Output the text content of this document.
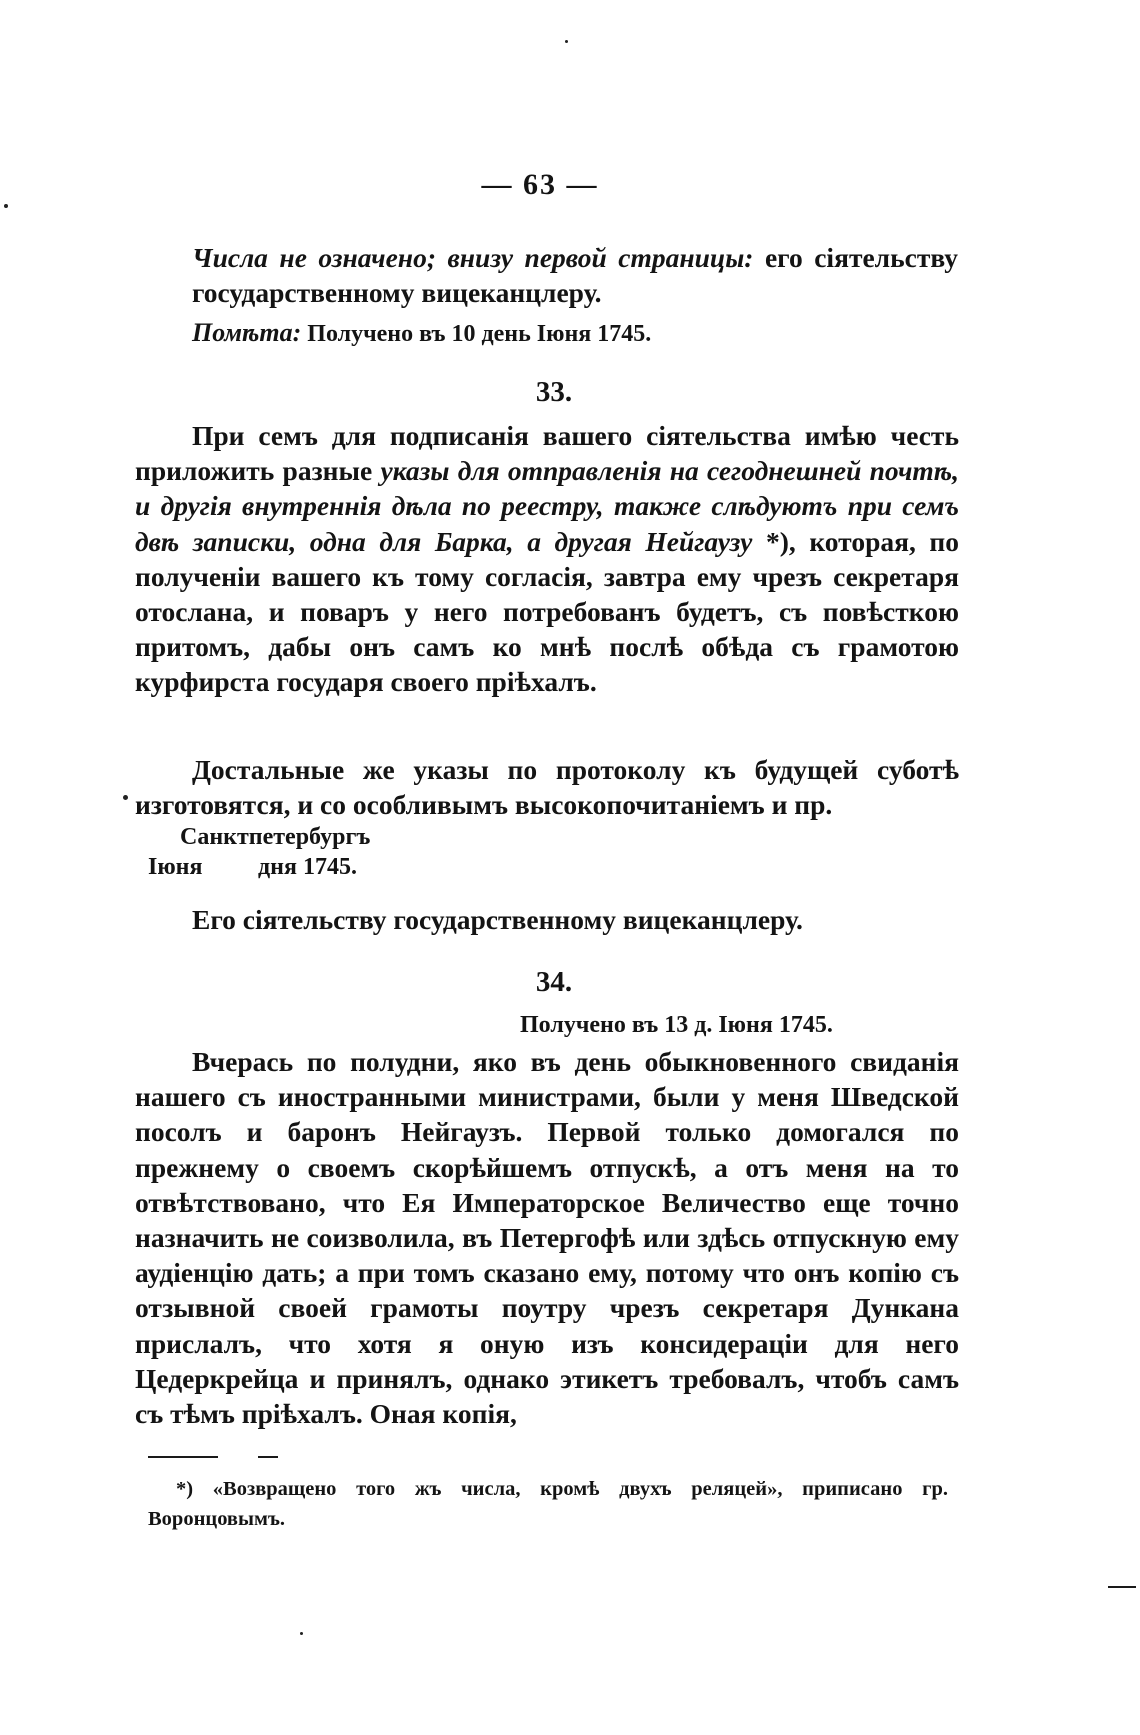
— 63 —

Числа не означено; внизу первой страницы: его сіятельству государственному вицеканцлеру.

Помѣта: Получено въ 10 день Іюня 1745.
33.

При семъ для подписанія вашего сіятельства имѣю честь приложить разные указы для отправленія на сегоднешней почтѣ, и другія внутреннія дѣла по реестру, также слѣдуютъ при семъ двѣ записки, одна для Барка, а другая Нейгаузу *), которая, по полученіи вашего къ тому согласія, завтра ему чрезъ секретаря отослана, и поваръ у него потребованъ будетъ, съ повѣсткою притомъ, дабы онъ самъ ко мнѣ послѣ обѣда съ грамотою курфирста государя своего пріѣхалъ.

Достальные же указы по протоколу къ будущей суботѣ изготовятся, и со особливымъ высокопочитаніемъ и пр.

Санктпетербургъ
Іюня дня 1745.
Его сіятельству государственному вицеканцлеру.
34.
Получено въ 13 д. Іюня 1745.

Вчерась по полудни, яко въ день обыкновенного свиданія нашего съ иностранными министрами, были у меня Шведской посолъ и баронъ Нейгаузъ. Первой только домогался по прежнему о своемъ скорѣйшемъ отпускѣ, а отъ меня на то отвѣтствовано, что Ея Императорское Величество еще точно назначить не соизволила, въ Петергофѣ или здѣсь отпускную ему аудіенцію дать; а при томъ сказано ему, потому что онъ копію съ отзывной своей грамоты поутру чрезъ секретаря Дункана прислалъ, что хотя я оную изъ консидераціи для него Цедеркрейца и принялъ, однако этикетъ требовалъ, чтобъ самъ съ тѣмъ пріѣхалъ. Оная копія,

*) «Возвращено того жъ числа, кромѣ двухъ реляцей», приписано гр. Воронцовымъ.
